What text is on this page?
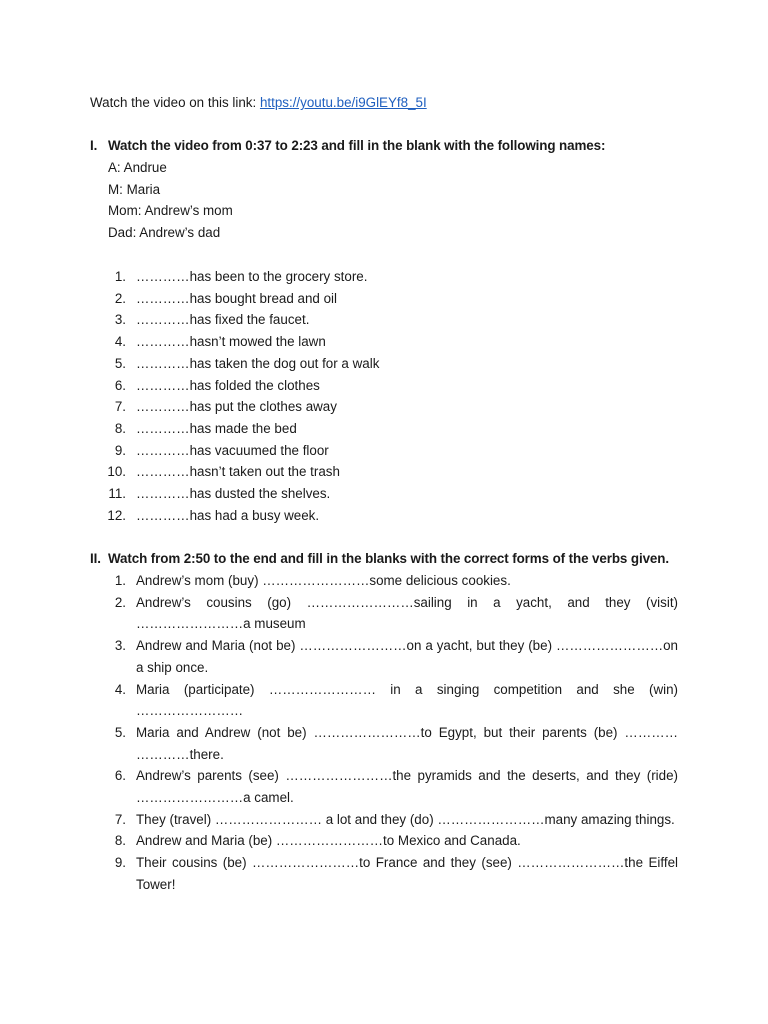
Watch the video on this link: https://youtu.be/i9GlEYf8_5I
I. Watch the video from 0:37 to 2:23 and fill in the blank with the following names:
A: Andrue
M: Maria
Mom: Andrew’s mom
Dad: Andrew’s dad
1. …………has been to the grocery store.
2. …………has bought bread and oil
3. …………has fixed the faucet.
4. …………hasn’t mowed the lawn
5. …………has taken the dog out for a walk
6. …………has folded the clothes
7. …………has put the clothes away
8. …………has made the bed
9. …………has vacuumed the floor
10. …………hasn’t taken out the trash
11. …………has dusted the shelves.
12. …………has had a busy week.
II. Watch from 2:50 to the end and fill in the blanks with the correct forms of the verbs given.
1. Andrew’s mom (buy) ……………………some delicious cookies.
2. Andrew’s cousins (go) ……………………sailing in a yacht, and they (visit) ……………………a museum
3. Andrew and Maria (not be) ……………………on a yacht, but they (be) ……………………on a ship once.
4. Maria (participate) …………………… in a singing competition and she (win) ……………………
5. Maria and Andrew (not be) ……………………to Egypt, but their parents (be) ………… …………there.
6. Andrew’s parents (see) ……………………the pyramids and the deserts, and they (ride) ……………………a camel.
7. They (travel) …………………… a lot and they (do) ……………………many amazing things.
8. Andrew and Maria (be) ……………………to Mexico and Canada.
9. Their cousins (be) ……………………to France and they (see) ……………………the Eiffel Tower!
